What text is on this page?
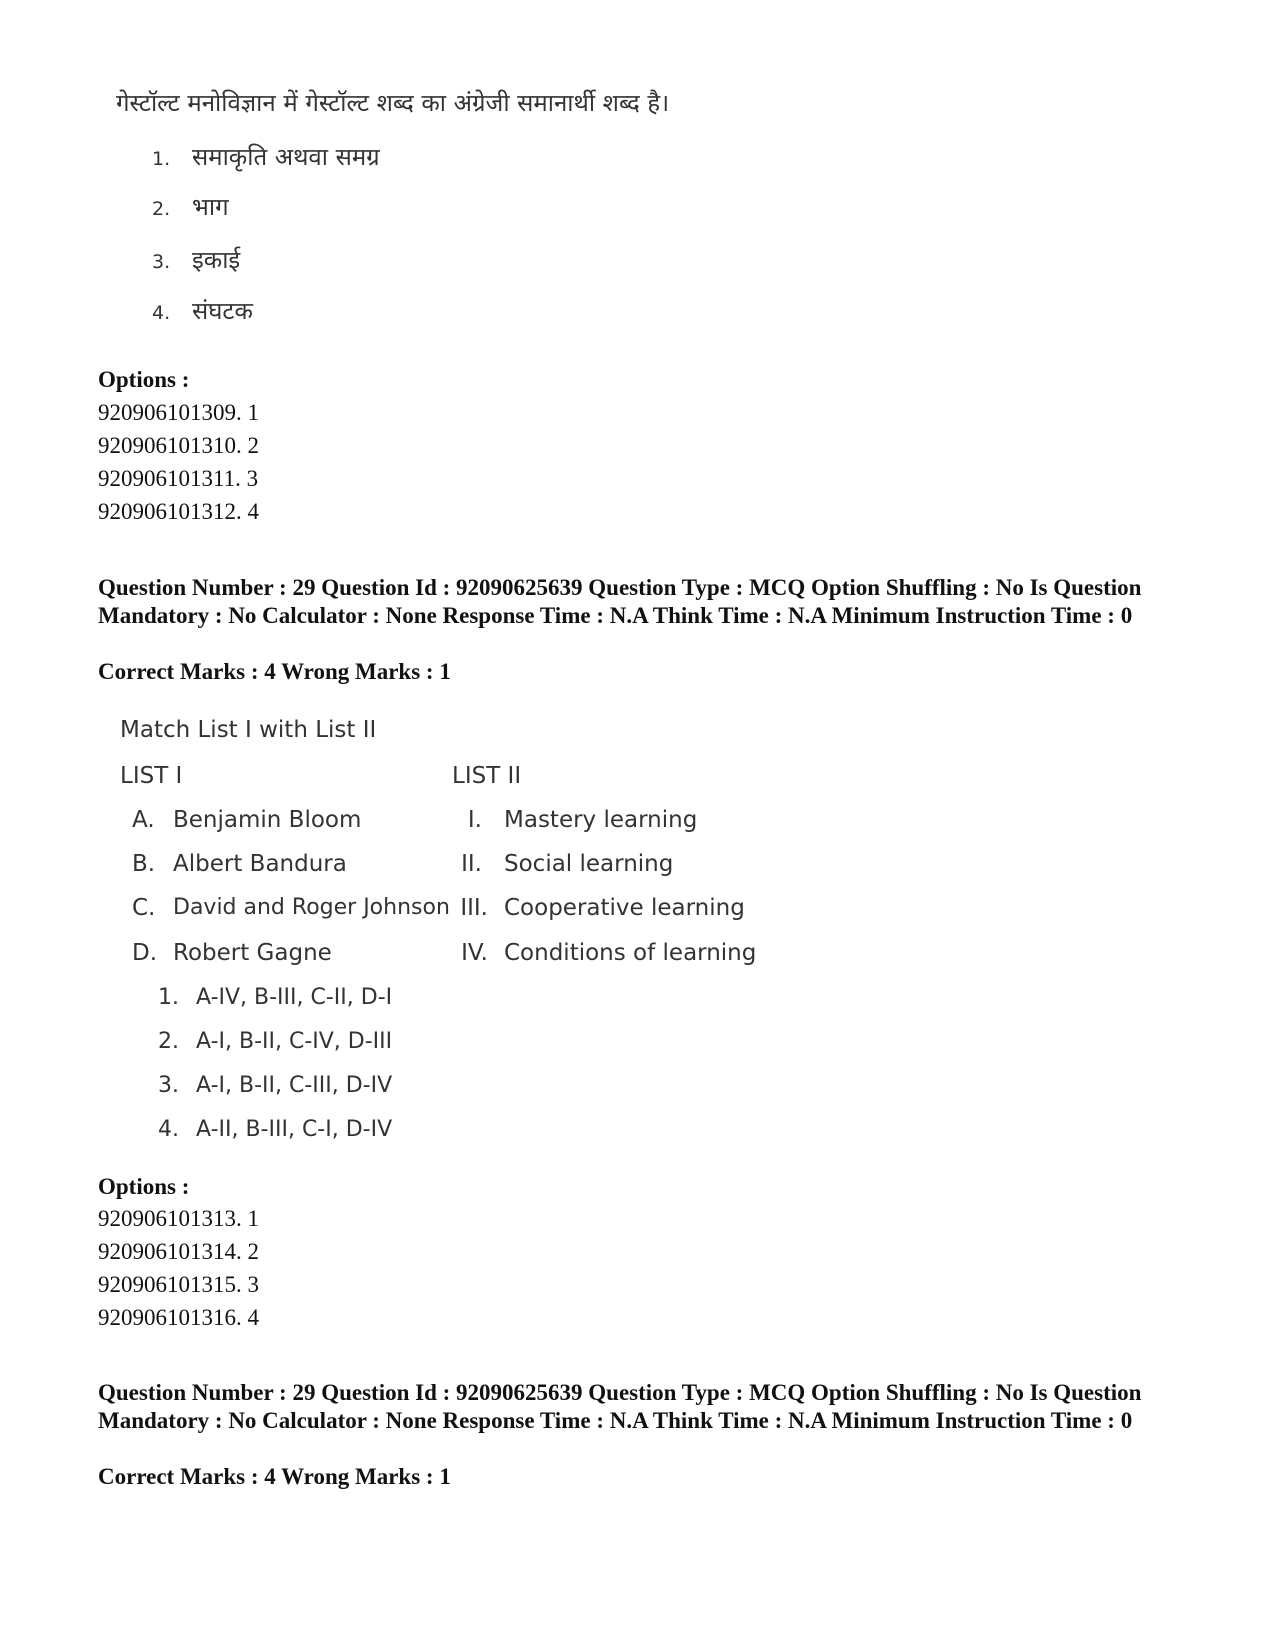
गेस्टॉल्ट मनोविज्ञान में गेस्टॉल्ट शब्द का अंग्रेजी समानार्थी शब्द है।
1. समाकृति अथवा समग्र
2. भाग
3. इकाई
4. संघटक
Options :
920906101309. 1
920906101310. 2
920906101311. 3
920906101312. 4
Question Number : 29 Question Id : 92090625639 Question Type : MCQ Option Shuffling : No Is Question Mandatory : No Calculator : None Response Time : N.A Think Time : N.A Minimum Instruction Time : 0
Correct Marks : 4 Wrong Marks : 1
Match List I with List II
LIST I	LIST II
A. Benjamin Bloom	I. Mastery learning
B. Albert Bandura	II. Social learning
C. David and Roger Johnson III. Cooperative learning
D. Robert Gagne	IV. Conditions of learning
1. A-IV, B-III, C-II, D-I
2. A-I, B-II, C-IV, D-III
3. A-I, B-II, C-III, D-IV
4. A-II, B-III, C-I, D-IV
Options :
920906101313. 1
920906101314. 2
920906101315. 3
920906101316. 4
Question Number : 29 Question Id : 92090625639 Question Type : MCQ Option Shuffling : No Is Question Mandatory : No Calculator : None Response Time : N.A Think Time : N.A Minimum Instruction Time : 0
Correct Marks : 4 Wrong Marks : 1
